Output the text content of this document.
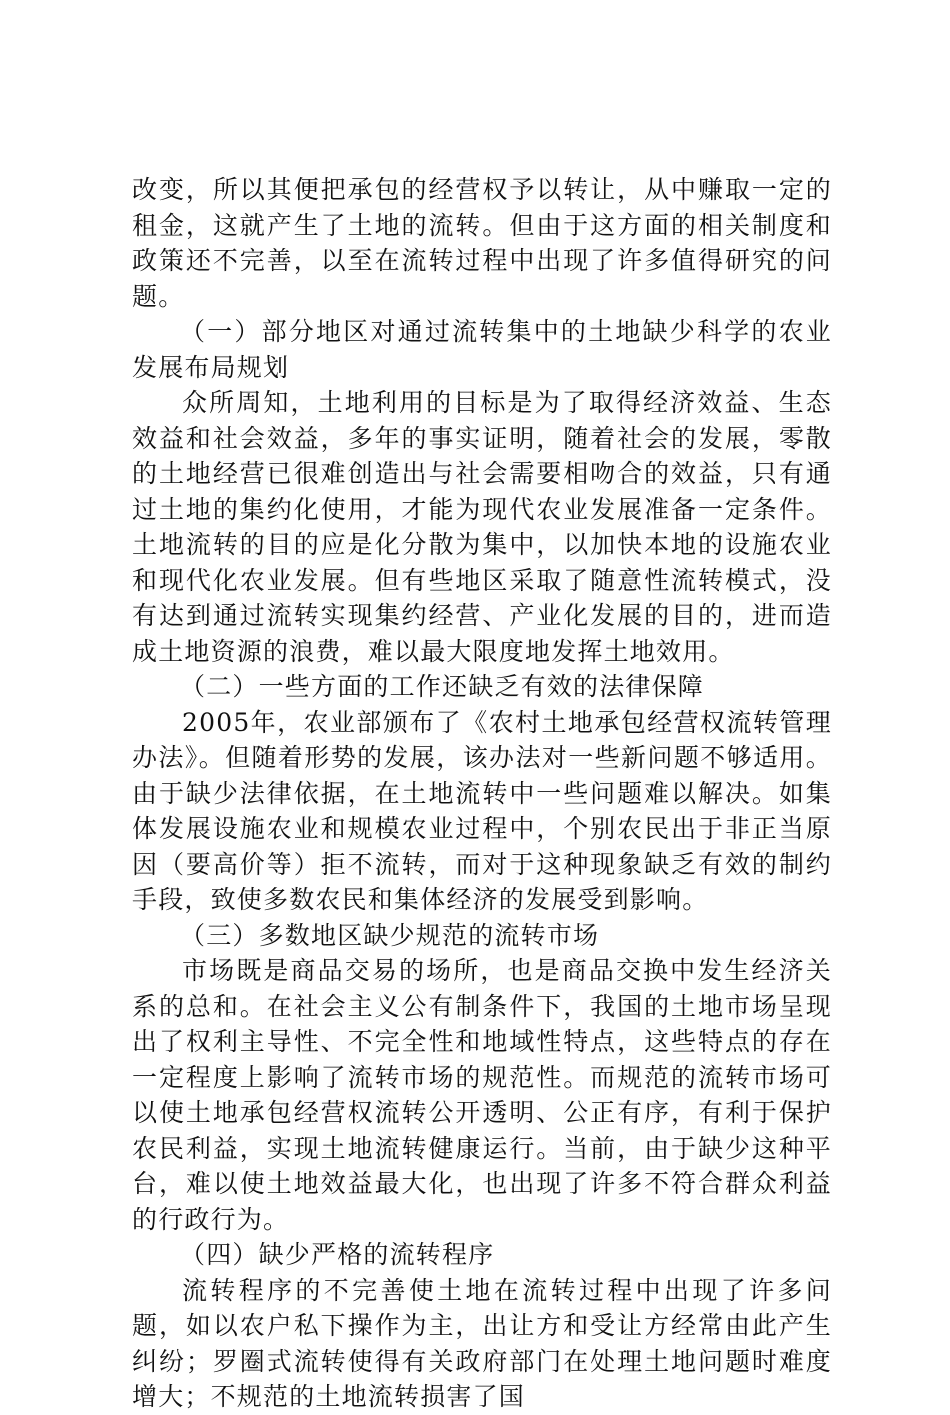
改变，所以其便把承包的经营权予以转让，从中赚取一定的租金，这就产生了土地的流转。但由于这方面的相关制度和政策还不完善，以至在流转过程中出现了许多值得研究的问题。

（一）部分地区对通过流转集中的土地缺少科学的农业发展布局规划

众所周知，土地利用的目标是为了取得经济效益、生态效益和社会效益，多年的事实证明，随着社会的发展，零散的土地经营已很难创造出与社会需要相吻合的效益，只有通过土地的集约化使用，才能为现代农业发展准备一定条件。土地流转的目的应是化分散为集中，以加快本地的设施农业和现代化农业发展。但有些地区采取了随意性流转模式，没有达到通过流转实现集约经营、产业化发展的目的，进而造成土地资源的浪费，难以最大限度地发挥土地效用。

（二）一些方面的工作还缺乏有效的法律保障

2005年，农业部颁布了《农村土地承包经营权流转管理办法》。但随着形势的发展，该办法对一些新问题不够适用。由于缺少法律依据，在土地流转中一些问题难以解决。如集体发展设施农业和规模农业过程中，个别农民出于非正当原因（要高价等）拒不流转，而对于这种现象缺乏有效的制约手段，致使多数农民和集体经济的发展受到影响。

（三）多数地区缺少规范的流转市场

市场既是商品交易的场所，也是商品交换中发生经济关系的总和。在社会主义公有制条件下，我国的土地市场呈现出了权利主导性、不完全性和地域性特点，这些特点的存在一定程度上影响了流转市场的规范性。而规范的流转市场可以使土地承包经营权流转公开透明、公正有序，有利于保护农民利益，实现土地流转健康运行。当前，由于缺少这种平台，难以使土地效益最大化，也出现了许多不符合群众利益的行政行为。

（四）缺少严格的流转程序

流转程序的不完善使土地在流转过程中出现了许多问题，如以农户私下操作为主，出让方和受让方经常由此产生纠纷；罗圈式流转使得有关政府部门在处理土地问题时难度增大；不规范的土地流转损害了国
